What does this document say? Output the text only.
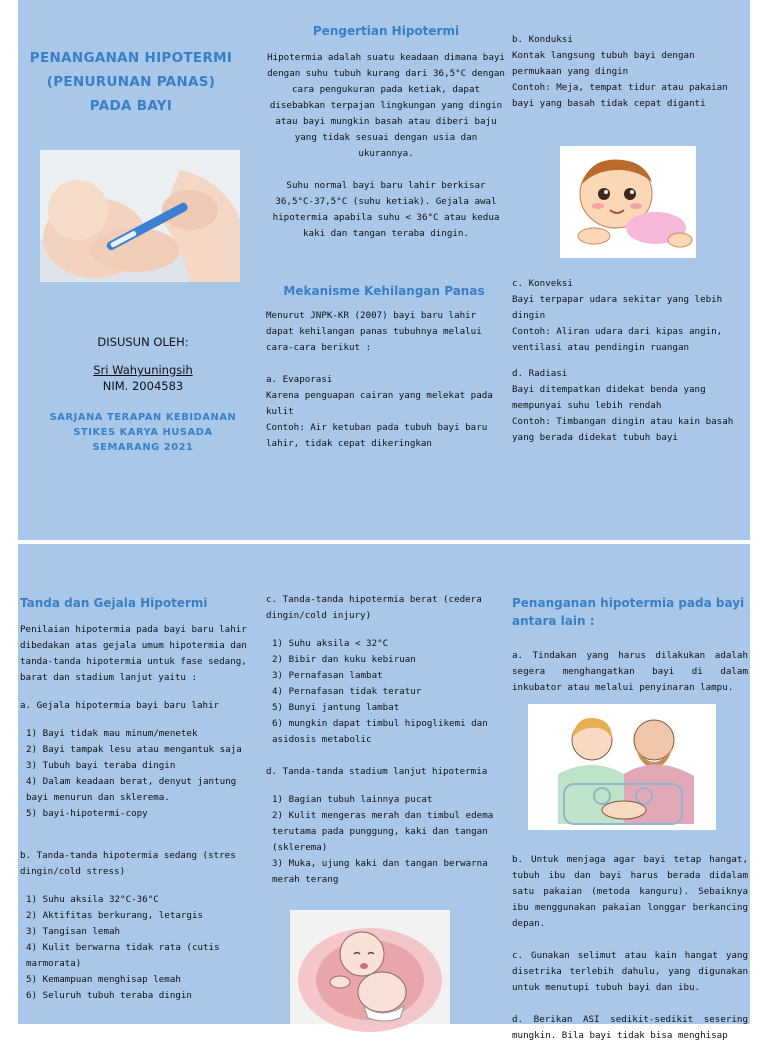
PENANGANAN HIPOTERMI (PENURUNAN PANAS) PADA BAYI

DISUSUN OLEH:

Sri Wahyuningsih

NIM. 2004583

SARJANA TERAPAN KEBIDANAN STIKES KARYA HUSADA SEMARANG 2021

Pengertian Hipotermi

Hipotermia adalah suatu keadaan dimana bayi dengan suhu tubuh kurang dari 36,5°C dengan cara pengukuran pada ketiak, dapat disebabkan terpajan lingkungan yang dingin atau bayi mungkin basah atau diberi baju yang tidak sesuai dengan usia dan ukurannya.

Suhu normal bayi baru lahir berkisar 36,5°C-37,5°C (suhu ketiak). Gejala awal hipotermia apabila suhu < 36°C atau kedua kaki dan tangan teraba dingin.

Mekanisme Kehilangan Panas

Menurut JNPK-KR (2007) bayi baru lahir dapat kehilangan panas tubuhnya melalui cara-cara berikut :

a. Evaporasi

Karena penguapan cairan yang melekat pada kulit

Contoh: Air ketuban pada tubuh bayi baru lahir, tidak cepat dikeringkan

b. Konduksi

Kontak langsung tubuh bayi dengan permukaan yang dingin

Contoh: Meja, tempat tidur atau pakaian bayi yang basah tidak cepat diganti

c. Konveksi

Bayi terpapar udara sekitar yang lebih dingin

Contoh: Aliran udara dari kipas angin, ventilasi atau pendingin ruangan

d. Radiasi

Bayi ditempatkan didekat benda yang mempunyai suhu lebih rendah

Contoh: Timbangan dingin atau kain basah yang berada didekat tubuh bayi

Tanda dan Gejala Hipotermi

Penilaian hipotermia pada bayi baru lahir dibedakan atas gejala umum hipotermia dan tanda-tanda hipotermia untuk fase sedang, barat dan stadium lanjut yaitu :

a. Gejala hipotermia bayi baru lahir

1) Bayi tidak mau minum/menetek

2) Bayi tampak lesu atau mengantuk saja

3) Tubuh bayi teraba dingin

4) Dalam keadaan berat, denyut jantung bayi menurun dan sklerema.

5) bayi-hipotermi-copy

b. Tanda-tanda hipotermia sedang (stres dingin/cold stress)

1) Suhu aksila 32°C-36°C

2) Aktifitas berkurang, letargis

3) Tangisan lemah

4) Kulit berwarna tidak rata (cutis marmorata)

5) Kemampuan menghisap lemah

6) Seluruh tubuh teraba dingin

c. Tanda-tanda hipotermia berat (cedera dingin/cold injury)

1) Suhu aksila < 32°C

2) Bibir dan kuku kebiruan

3) Pernafasan lambat

4) Pernafasan tidak teratur

5) Bunyi jantung lambat

6) mungkin dapat timbul hipoglikemi dan asidosis metabolic

d. Tanda-tanda stadium lanjut hipotermia

1) Bagian tubuh lainnya pucat

2) Kulit mengeras merah dan timbul edema terutama pada punggung, kaki dan tangan (sklerema)

3) Muka, ujung kaki dan tangan berwarna merah terang

Penanganan hipotermia pada bayi antara lain :

a. Tindakan yang harus dilakukan adalah segera menghangatkan bayi di dalam inkubator atau melalui penyinaran lampu.

b. Untuk menjaga agar bayi tetap hangat, tubuh ibu dan bayi harus berada didalam satu pakaian (metoda kanguru). Sebaiknya ibu menggunakan pakaian longgar berkancing depan.

c. Gunakan selimut atau kain hangat yang disetrika terlebih dahulu, yang digunakan untuk menutupi tubuh bayi dan ibu.

d. Berikan ASI sedikit-sedikit sesering mungkin. Bila bayi tidak bisa menghisap
